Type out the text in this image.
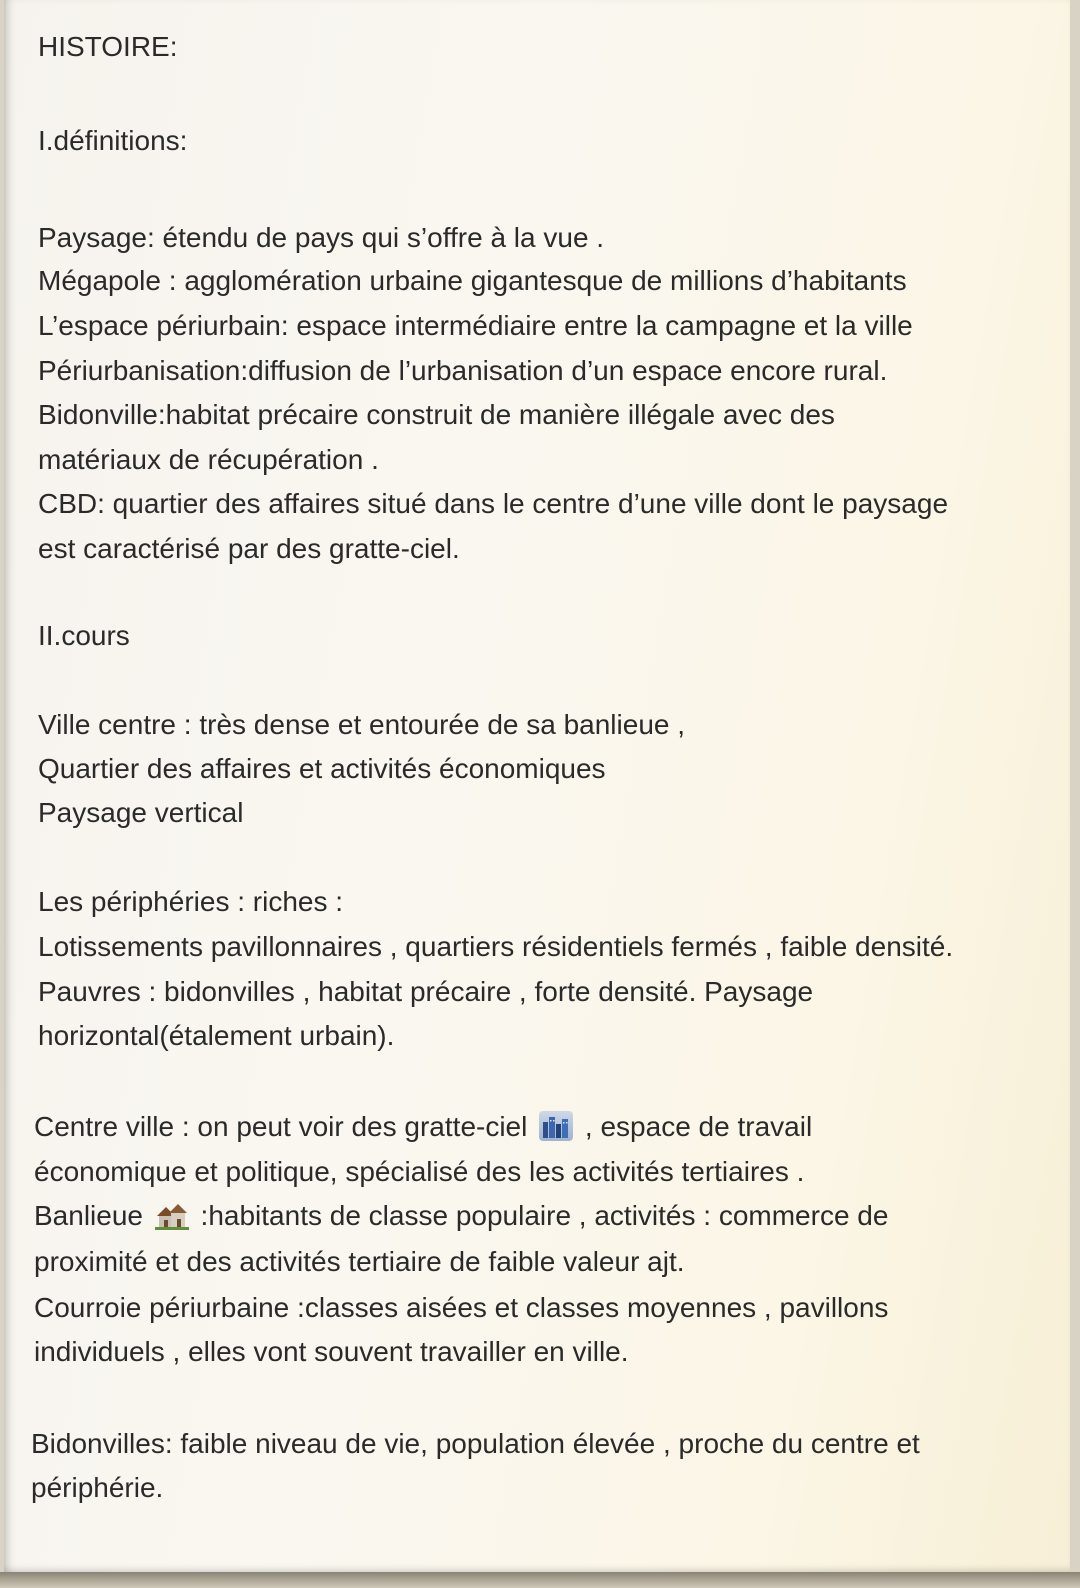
HISTOIRE:

I.définitions:

Paysage: étendu de pays qui s’offre à la vue .

Mégapole : agglomération urbaine gigantesque de millions d’habitants

L’espace périurbain: espace intermédiaire entre la campagne et la ville

Périurbanisation:diffusion de l’urbanisation d’un espace encore rural.

Bidonville:habitat précaire construit de manière illégale avec des

matériaux de récupération .

CBD: quartier des affaires situé dans le centre d’une ville dont le paysage

est caractérisé par des gratte-ciel.

II.cours

Ville centre : très dense et entourée de sa banlieue ,

Quartier des affaires et activités économiques

Paysage vertical

Les périphéries : riches :

Lotissements pavillonnaires , quartiers résidentiels fermés , faible densité.

Pauvres : bidonvilles , habitat précaire , forte densité. Paysage

horizontal(étalement urbain).

Centre ville : on peut voir des gratte-ciel , espace de travail

économique et politique, spécialisé des les activités tertiaires .

Banlieue :habitants de classe populaire , activités : commerce de

proximité et des activités tertiaire de faible valeur ajt.

Courroie périurbaine :classes aisées et classes moyennes , pavillons

individuels , elles vont souvent travailler en ville.

Bidonvilles: faible niveau de vie, population élevée , proche du centre et

périphérie.
